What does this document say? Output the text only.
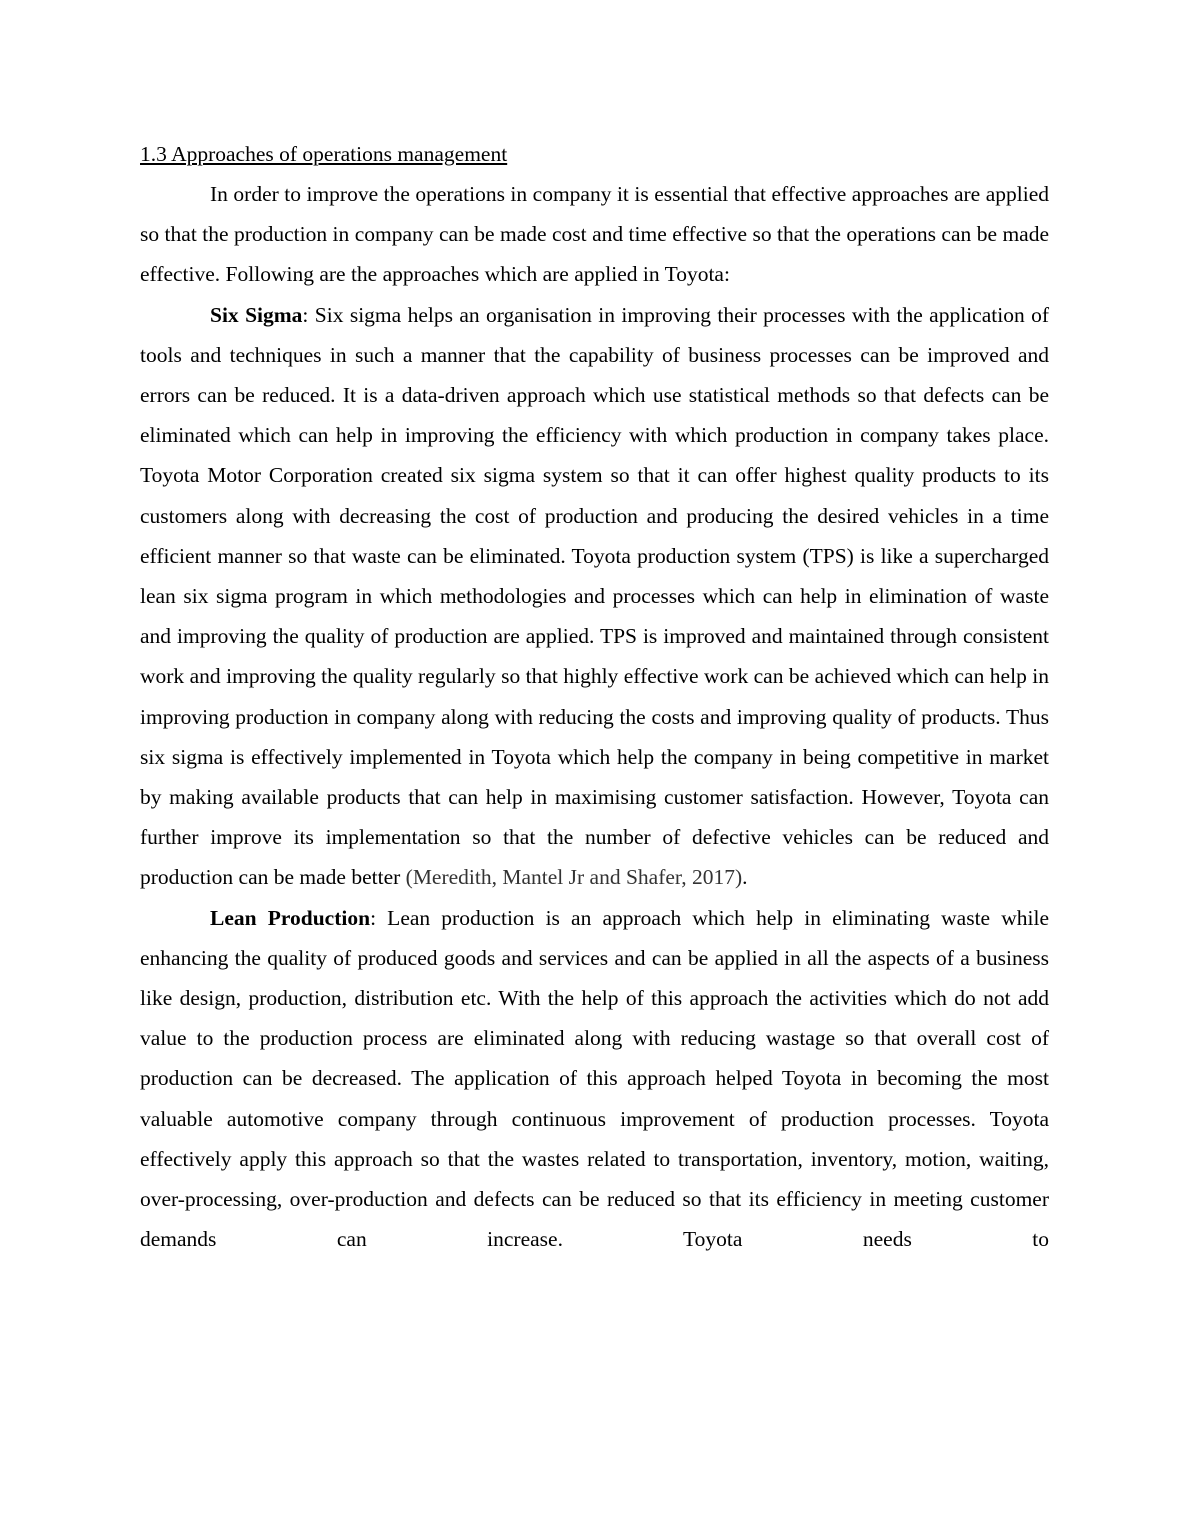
1.3 Approaches of operations management

In order to improve the operations in company it is essential that effective approaches are applied so that the production in company can be made cost and time effective so that the operations can be made effective. Following are the approaches which are applied in Toyota:

Six Sigma: Six sigma helps an organisation in improving their processes with the application of tools and techniques in such a manner that the capability of business processes can be improved and errors can be reduced. It is a data-driven approach which use statistical methods so that defects can be eliminated which can help in improving the efficiency with which production in company takes place. Toyota Motor Corporation created six sigma system so that it can offer highest quality products to its customers along with decreasing the cost of production and producing the desired vehicles in a time efficient manner so that waste can be eliminated. Toyota production system (TPS) is like a supercharged lean six sigma program in which methodologies and processes which can help in elimination of waste and improving the quality of production are applied. TPS is improved and maintained through consistent work and improving the quality regularly so that highly effective work can be achieved which can help in improving production in company along with reducing the costs and improving quality of products. Thus six sigma is effectively implemented in Toyota which help the company in being competitive in market by making available products that can help in maximising customer satisfaction. However, Toyota can further improve its implementation so that the number of defective vehicles can be reduced and production can be made better (Meredith, Mantel Jr and Shafer, 2017).

Lean Production: Lean production is an approach which help in eliminating waste while enhancing the quality of produced goods and services and can be applied in all the aspects of a business like design, production, distribution etc. With the help of this approach the activities which do not add value to the production process are eliminated along with reducing wastage so that overall cost of production can be decreased. The application of this approach helped Toyota in becoming the most valuable automotive company through continuous improvement of production processes. Toyota effectively apply this approach so that the wastes related to transportation, inventory, motion, waiting, over-processing, over-production and defects can be reduced so that its efficiency in meeting customer demands can increase. Toyota needs to
